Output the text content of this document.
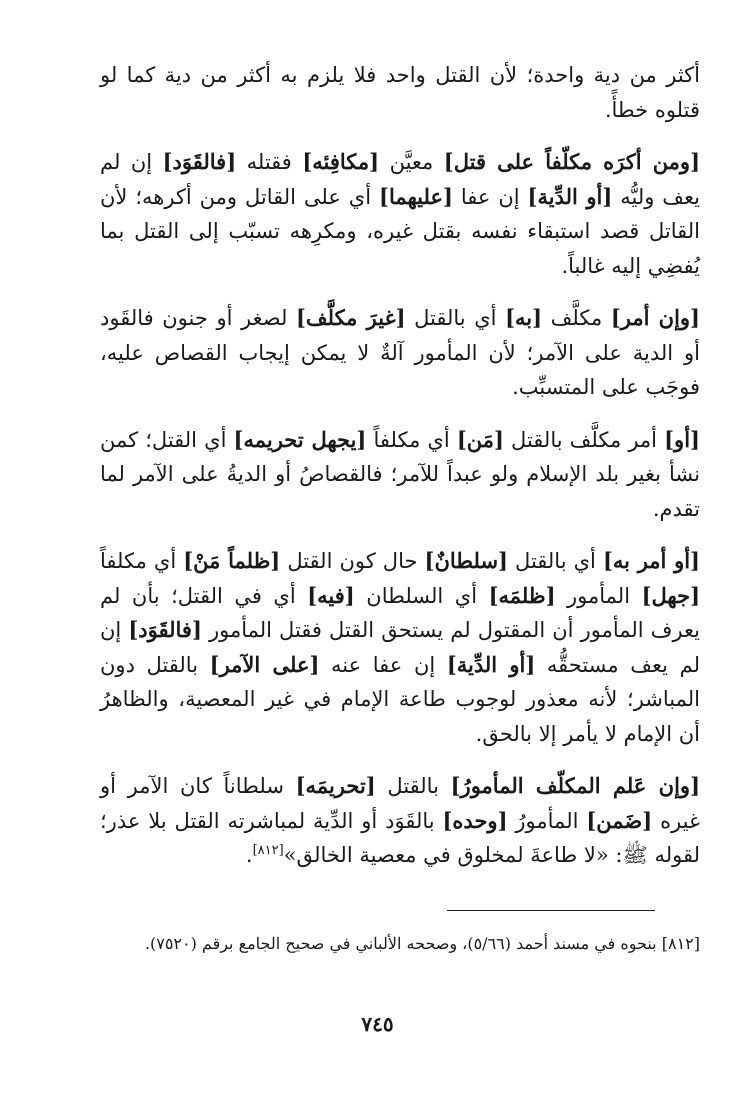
أكثر من دية واحدة؛ لأن القتل واحد فلا يلزم به أكثر من دية كما لو قتلوه خطأً.

[ومن أكرَه مكلّفاً على قتل] معيَّن [مكافِئه] فقتله [فالقَوَد] إن لم يعف وليُّه [أو الدِّية] إن عفا [عليهما] أي على القاتل ومن أكرهه؛ لأن القاتل قصد استبقاء نفسه بقتل غيره، ومكرِهه تسبّب إلى القتل بما يُفضِي إليه غالباً.

[وإن أمر] مكلَّف [به] أي بالقتل [غيرَ مكلَّف] لصغر أو جنون فالقَود أو الدية على الآمر؛ لأن المأمور آلةٌ لا يمكن إيجاب القصاص عليه، فوجَب على المتسبِّب.

[أو] أمر مكلَّف بالقتل [مَن] أي مكلفاً [يجهل تحريمه] أي القتل؛ كمن نشأ بغير بلد الإسلام ولو عبداً للآمر؛ فالقصاصُ أو الديةُ على الآمر لما تقدم.

[أو أمر به] أي بالقتل [سلطانٌ] حال كون القتل [ظلماً مَنْ] أي مكلفاً [جهل] المأمور [ظلمَه] أي السلطان [فيه] أي في القتل؛ بأن لم يعرف المأمور أن المقتول لم يستحق القتل فقتل المأمور [فالقَوَد] إن لم يعف مستحقُّه [أو الدِّية] إن عفا عنه [على الآمر] بالقتل دون المباشر؛ لأنه معذور لوجوب طاعة الإمام في غير المعصية، والظاهرُ أن الإمام لا يأمر إلا بالحق.

[وإن عَلم المكلّف المأمورُ] بالقتل [تحريمَه] سلطاناً كان الآمر أو غيره [ضَمن] المأمورُ [وحده] بالقَوَد أو الدِّية لمباشرته القتل بلا عذر؛ لقوله ﷺ: «لا طاعةَ لمخلوق في معصية الخالق»[٨١٢].

[٨١٢] بنحوه في مسند أحمد (٥/٦٦)، وصححه الألباني في صحيح الجامع برقم (٧٥٢٠).
٧٤٥
